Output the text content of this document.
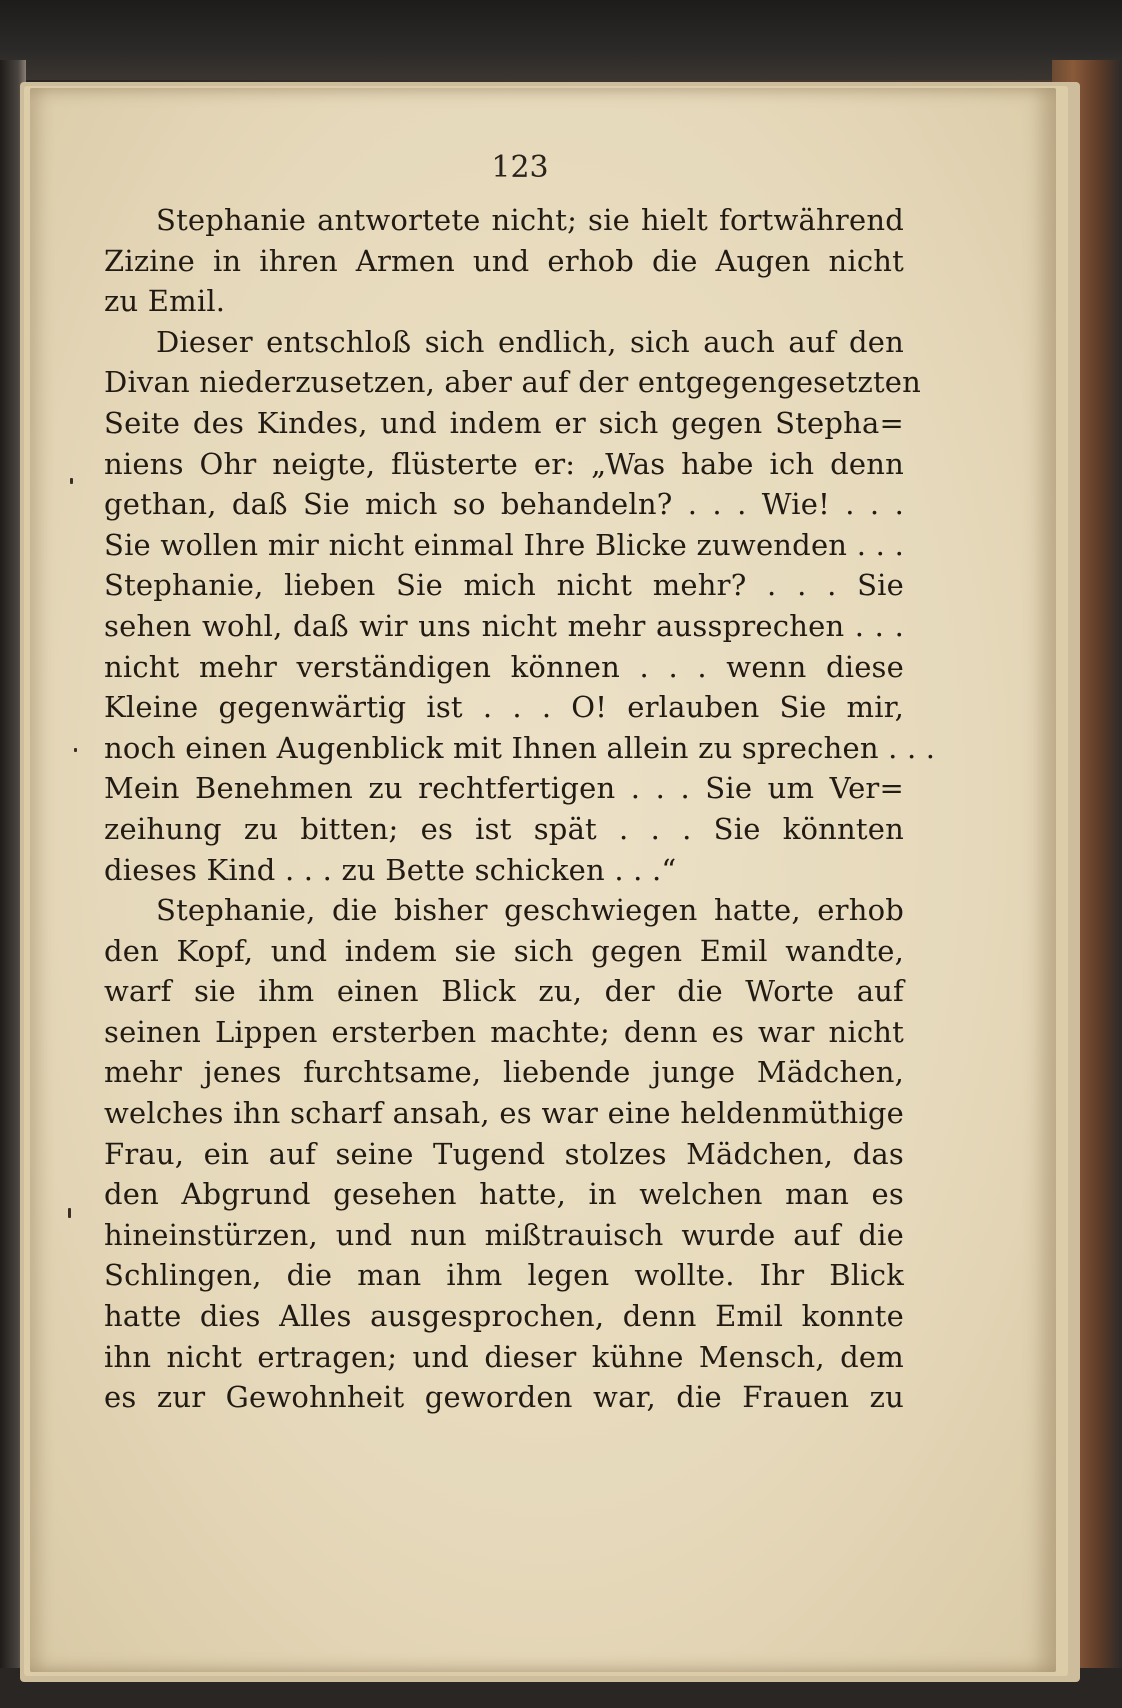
123
Stephanie antwortete nicht; sie hielt fortwährend
Zizine in ihren Armen und erhob die Augen nicht
zu Emil.
Dieser entschloß sich endlich, sich auch auf den
Divan niederzusetzen, aber auf der entgegengesetzten
Seite des Kindes, und indem er sich gegen Stepha=
niens Ohr neigte, flüsterte er: „Was habe ich denn
gethan, daß Sie mich so behandeln? . . . Wie! . . .
Sie wollen mir nicht einmal Ihre Blicke zuwenden . . .
Stephanie, lieben Sie mich nicht mehr? . . . Sie
sehen wohl, daß wir uns nicht mehr aussprechen . . .
nicht mehr verständigen können . . . wenn diese
Kleine gegenwärtig ist . . . O! erlauben Sie mir,
noch einen Augenblick mit Ihnen allein zu sprechen . . .
Mein Benehmen zu rechtfertigen . . . Sie um Ver=
zeihung zu bitten; es ist spät . . . Sie könnten
dieses Kind . . . zu Bette schicken . . .“
Stephanie, die bisher geschwiegen hatte, erhob
den Kopf, und indem sie sich gegen Emil wandte,
warf sie ihm einen Blick zu, der die Worte auf
seinen Lippen ersterben machte; denn es war nicht
mehr jenes furchtsame, liebende junge Mädchen,
welches ihn scharf ansah, es war eine heldenmüthige
Frau, ein auf seine Tugend stolzes Mädchen, das
den Abgrund gesehen hatte, in welchen man es
hineinstürzen, und nun mißtrauisch wurde auf die
Schlingen, die man ihm legen wollte. Ihr Blick
hatte dies Alles ausgesprochen, denn Emil konnte
ihn nicht ertragen; und dieser kühne Mensch, dem
es zur Gewohnheit geworden war, die Frauen zu
